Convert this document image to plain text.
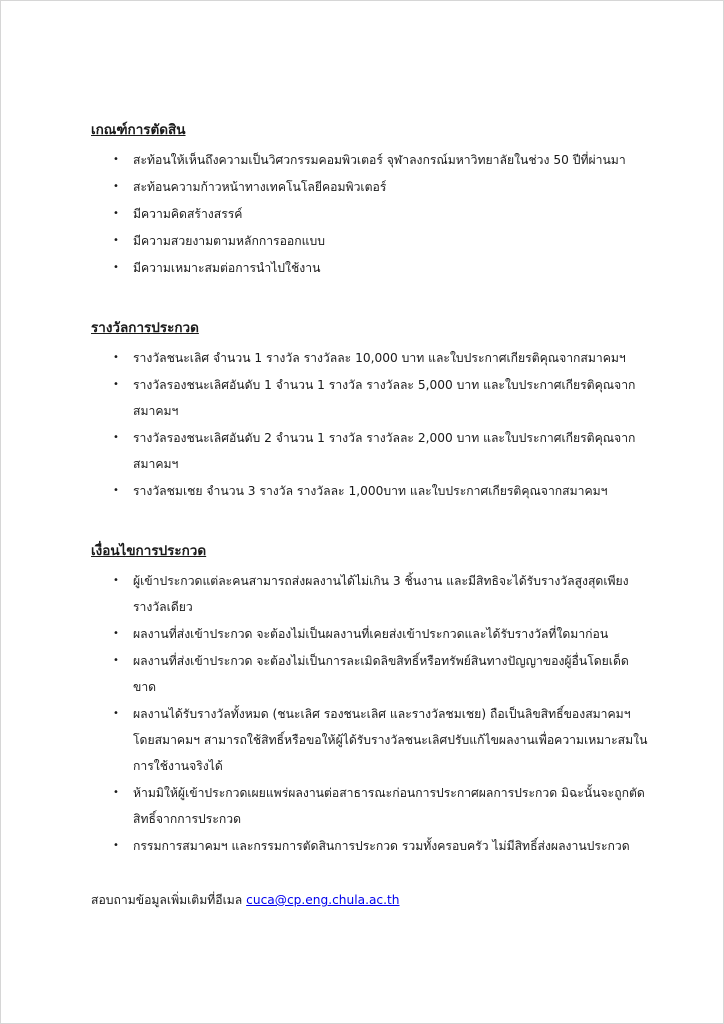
เกณฑ์การตัดสิน
• สะท้อนให้เห็นถึงความเป็นวิศวกรรมคอมพิวเตอร์ จุฬาลงกรณ์มหาวิทยาลัยในช่วง 50 ปีที่ผ่านมา
• สะท้อนความก้าวหน้าทางเทคโนโลยีคอมพิวเตอร์
• มีความคิดสร้างสรรค์
• มีความสวยงามตามหลักการออกแบบ
• มีความเหมาะสมต่อการนำไปใช้งาน
รางวัลการประกวด
• รางวัลชนะเลิศ จำนวน 1 รางวัล รางวัลละ 10,000 บาท และใบประกาศเกียรติคุณจากสมาคมฯ
• รางวัลรองชนะเลิศอันดับ 1 จำนวน 1 รางวัล รางวัลละ 5,000 บาท และใบประกาศเกียรติคุณจากสมาคมฯ
• รางวัลรองชนะเลิศอันดับ 2 จำนวน 1 รางวัล รางวัลละ 2,000 บาท และใบประกาศเกียรติคุณจากสมาคมฯ
• รางวัลชมเชย จำนวน 3 รางวัล รางวัลละ 1,000บาท และใบประกาศเกียรติคุณจากสมาคมฯ
เงื่อนไขการประกวด
• ผู้เข้าประกวดแต่ละคนสามารถส่งผลงานได้ไม่เกิน 3 ชิ้นงาน และมีสิทธิจะได้รับรางวัลสูงสุดเพียงรางวัลเดียว
• ผลงานที่ส่งเข้าประกวด จะต้องไม่เป็นผลงานที่เคยส่งเข้าประกวดและได้รับรางวัลที่ใดมาก่อน
• ผลงานที่ส่งเข้าประกวด จะต้องไม่เป็นการละเมิดลิขสิทธิ์หรือทรัพย์สินทางปัญญาของผู้อื่นโดยเด็ดขาด
• ผลงานได้รับรางวัลทั้งหมด (ชนะเลิศ รองชนะเลิศ และรางวัลชมเชย) ถือเป็นลิขสิทธิ์ของสมาคมฯ โดยสมาคมฯ สามารถใช้สิทธิ์หรือขอให้ผู้ได้รับรางวัลชนะเลิศปรับแก้ไขผลงานเพื่อความเหมาะสมในการใช้งานจริงได้
• ห้ามมิให้ผู้เข้าประกวดเผยแพร่ผลงานต่อสาธารณะก่อนการประกาศผลการประกวด มิฉะนั้นจะถูกตัดสิทธิ์จากการประกวด
• กรรมการสมาคมฯ และกรรมการตัดสินการประกวด รวมทั้งครอบครัว ไม่มีสิทธิ์ส่งผลงานประกวด
สอบถามข้อมูลเพิ่มเติมที่อีเมล cuca@cp.eng.chula.ac.th
